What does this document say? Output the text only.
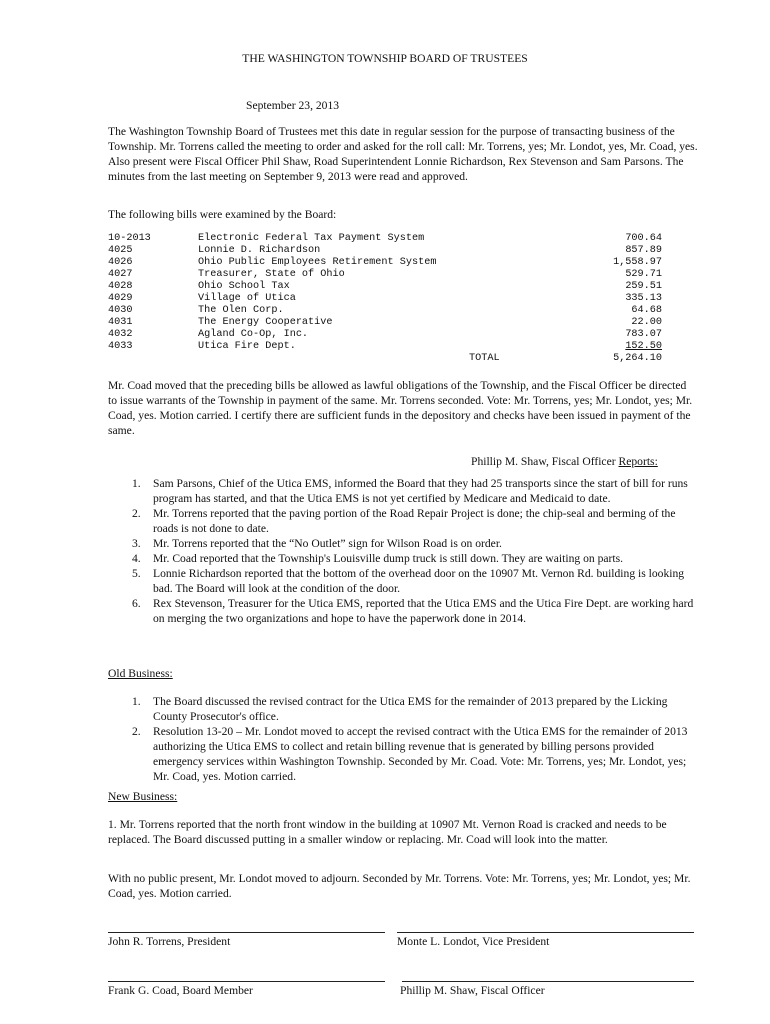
THE WASHINGTON TOWNSHIP BOARD OF TRUSTEES
September 23, 2013
The Washington Township Board of Trustees met this date in regular session for the purpose of transacting business of the Township. Mr. Torrens called the meeting to order and asked for the roll call: Mr. Torrens, yes; Mr. Londot, yes, Mr. Coad, yes. Also present were Fiscal Officer Phil Shaw, Road Superintendent Lonnie Richardson, Rex Stevenson and Sam Parsons. The minutes from the last meeting on September 9, 2013 were read and approved.
The following bills were examined by the Board:
10-2013	Electronic Federal Tax Payment System	700.64
4025	Lonnie D. Richardson	857.89
4026	Ohio Public Employees Retirement System	1,558.97
4027	Treasurer, State of Ohio	529.71
4028	Ohio School Tax	259.51
4029	Village of Utica	335.13
4030	The Olen Corp.	64.68
4031	The Energy Cooperative	22.00
4032	Agland Co-Op, Inc.	783.07
4033	Utica Fire Dept.	152.50
TOTAL	5,264.10
Mr. Coad moved that the preceding bills be allowed as lawful obligations of the Township, and the Fiscal Officer be directed to issue warrants of the Township in payment of the same. Mr. Torrens seconded. Vote: Mr. Torrens, yes; Mr. Londot, yes; Mr. Coad, yes. Motion carried. I certify there are sufficient funds in the depository and checks have been issued in payment of the same.
Phillip M. Shaw, Fiscal Officer Reports:
1. Sam Parsons, Chief of the Utica EMS, informed the Board that they had 25 transports since the start of bill for runs program has started, and that the Utica EMS is not yet certified by Medicare and Medicaid to date.
2. Mr. Torrens reported that the paving portion of the Road Repair Project is done; the chip-seal and berming of the roads is not done to date.
3. Mr. Torrens reported that the “No Outlet” sign for Wilson Road is on order.
4. Mr. Coad reported that the Township's Louisville dump truck is still down. They are waiting on parts.
5. Lonnie Richardson reported that the bottom of the overhead door on the 10907 Mt. Vernon Rd. building is looking bad. The Board will look at the condition of the door.
6. Rex Stevenson, Treasurer for the Utica EMS, reported that the Utica EMS and the Utica Fire Dept. are working hard on merging the two organizations and hope to have the paperwork done in 2014.
Old Business:
1. The Board discussed the revised contract for the Utica EMS for the remainder of 2013 prepared by the Licking County Prosecutor's office.
2. Resolution 13-20 – Mr. Londot moved to accept the revised contract with the Utica EMS for the remainder of 2013 authorizing the Utica EMS to collect and retain billing revenue that is generated by billing persons provided emergency services within Washington Township. Seconded by Mr. Coad. Vote: Mr. Torrens, yes; Mr. Londot, yes; Mr. Coad, yes. Motion carried.
New Business:
1. Mr. Torrens reported that the north front window in the building at 10907 Mt. Vernon Road is cracked and needs to be replaced. The Board discussed putting in a smaller window or replacing. Mr. Coad will look into the matter.
With no public present, Mr. Londot moved to adjourn. Seconded by Mr. Torrens. Vote: Mr. Torrens, yes; Mr. Londot, yes; Mr. Coad, yes. Motion carried.
John R. Torrens, President	Monte L. Londot, Vice President
Frank G. Coad, Board Member	Phillip M. Shaw, Fiscal Officer
